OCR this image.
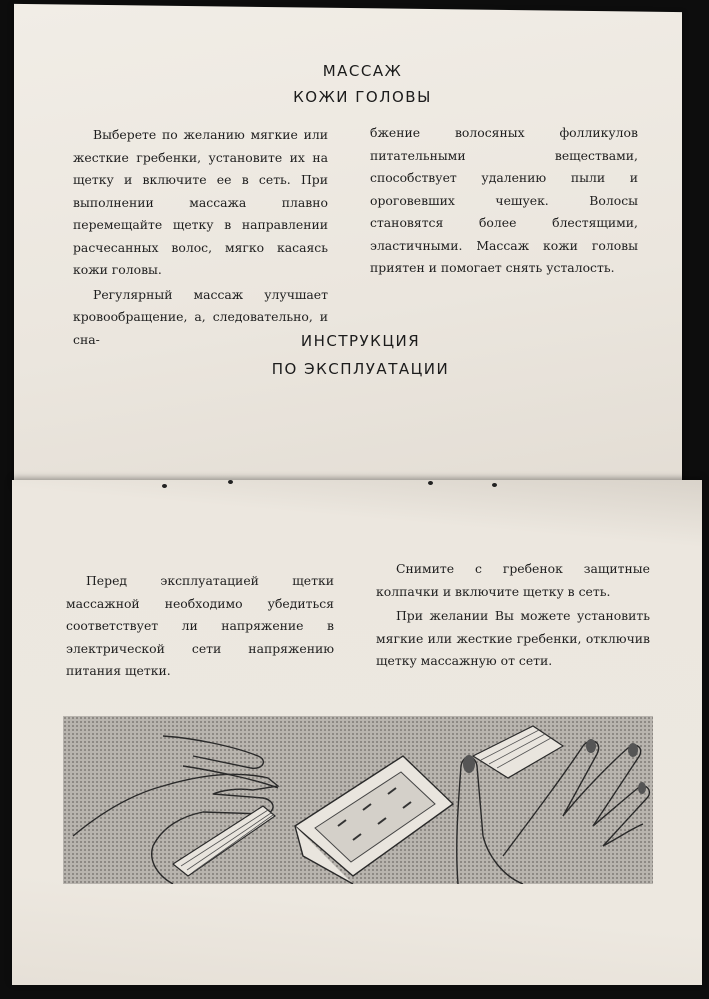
МАССАЖ
КОЖИ ГОЛОВЫ

Выберете по желанию мягкие или жесткие гребенки, установите их на щетку и включите ее в сеть. При выполнении массажа плавно перемещайте щетку в направлении расчесанных волос, мягко касаясь кожи головы.

Регулярный массаж улучшает кровообращение, а, следовательно, и сна-

бжение волосяных фолликулов питательными веществами, способствует удалению пыли и ороговевших чешуек. Волосы становятся более блестящими, эластичными. Массаж кожи головы приятен и помогает снять усталость.

ИНСТРУКЦИЯ
ПО ЭКСПЛУАТАЦИИ

Перед эксплуатацией щетки массажной необходимо убедиться соответствует ли напряжение в электрической сети напряжению питания щетки.

Снимите с гребенок защитные колпачки и включите щетку в сеть.

При желании Вы можете установить мягкие или жесткие гребенки, отключив щетку массажную от сети.
